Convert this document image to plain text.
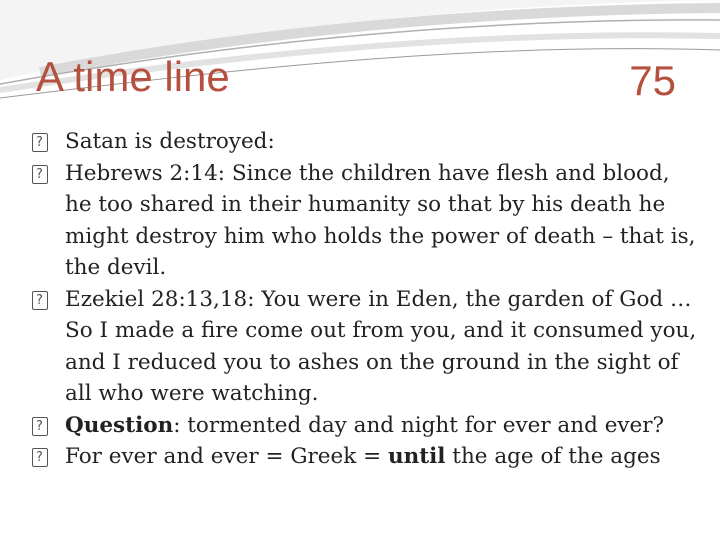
A time line	75

?
Satan is destroyed:

?
Hebrews 2:14: Since the children have flesh and blood, he too shared in their humanity so that by his death he might destroy him who holds the power of death – that is, the devil.

?
Ezekiel 28:13,18: You were in Eden, the garden of God … So I made a fire come out from you, and it consumed you, and I reduced you to ashes on the ground in the sight of all who were watching.

?
Question: tormented day and night for ever and ever?

?
For ever and ever = Greek = until the age of the ages
